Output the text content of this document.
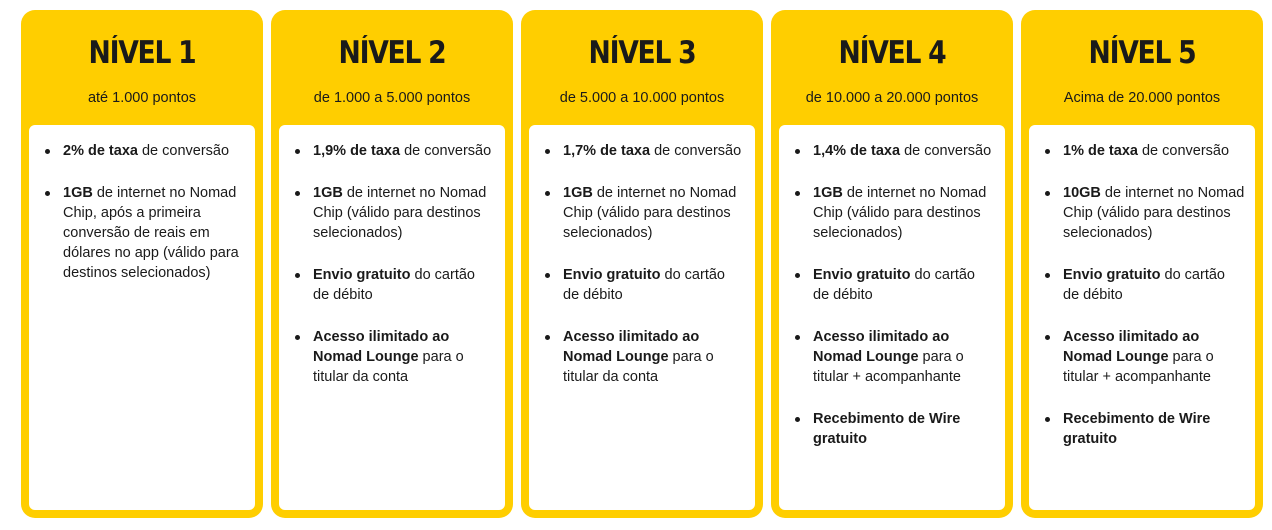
NÍVEL 1
até 1.000 pontos
2% de taxa de conversão
1GB de internet no Nomad Chip, após a primeira conversão de reais em dólares no app (válido para destinos selecionados)
NÍVEL 2
de 1.000 a 5.000 pontos
1,9% de taxa de conversão
1GB de internet no Nomad Chip (válido para destinos selecionados)
Envio gratuito do cartão de débito
Acesso ilimitado ao Nomad Lounge para o titular da conta
NÍVEL 3
de 5.000 a 10.000 pontos
1,7% de taxa de conversão
1GB de internet no Nomad Chip (válido para destinos selecionados)
Envio gratuito do cartão de débito
Acesso ilimitado ao Nomad Lounge para o titular da conta
NÍVEL 4
de 10.000 a 20.000 pontos
1,4% de taxa de conversão
1GB de internet no Nomad Chip (válido para destinos selecionados)
Envio gratuito do cartão de débito
Acesso ilimitado ao Nomad Lounge para o titular + acompanhante
Recebimento de Wire gratuito
NÍVEL 5
Acima de 20.000 pontos
1% de taxa de conversão
10GB de internet no Nomad Chip (válido para destinos selecionados)
Envio gratuito do cartão de débito
Acesso ilimitado ao Nomad Lounge para o titular + acompanhante
Recebimento de Wire gratuito
